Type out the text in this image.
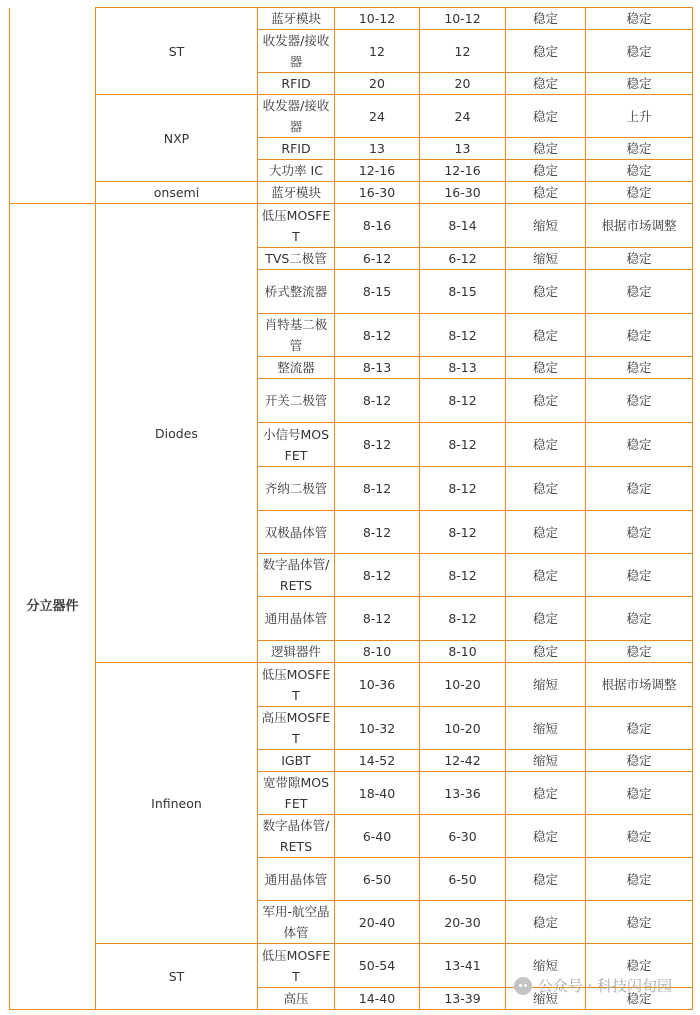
	ST	蓝牙模块	10-12	10-12	稳定	稳定
		收发器/接收器	12	12	稳定	稳定
		RFID	20	20	稳定	稳定
	NXP	收发器/接收器	24	24	稳定	上升
		RFID	13	13	稳定	稳定
		大功率 IC	12-16	12-16	稳定	稳定
	onsemi	蓝牙模块	16-30	16-30	稳定	稳定
分立器件	Diodes	低压MOSFET	8-16	8-14	缩短	根据市场调整
		TVS二极管	6-12	6-12	缩短	稳定
		桥式整流器	8-15	8-15	稳定	稳定
		肖特基二极管	8-12	8-12	稳定	稳定
		整流器	8-13	8-13	稳定	稳定
		开关二极管	8-12	8-12	稳定	稳定
		小信号MOSFET	8-12	8-12	稳定	稳定
		齐纳二极管	8-12	8-12	稳定	稳定
		双极晶体管	8-12	8-12	稳定	稳定
		数字晶体管/RETS	8-12	8-12	稳定	稳定
		通用晶体管	8-12	8-12	稳定	稳定
		逻辑器件	8-10	8-10	稳定	稳定
	Infineon	低压MOSFET	10-36	10-20	缩短	根据市场调整
		高压MOSFET	10-32	10-20	缩短	稳定
		IGBT	14-52	12-42	缩短	稳定
		宽带隙MOSFET	18-40	13-36	稳定	稳定
		数字晶体管/RETS	6-40	6-30	稳定	稳定
		通用晶体管	6-50	6-50	稳定	稳定
		军用-航空晶体管	20-40	20-30	稳定	稳定
	ST	低压MOSFET	50-54	13-41	缩短	稳定
		高压	14-40	13-39	缩短	稳定
公众号 · 科技闪旬园
